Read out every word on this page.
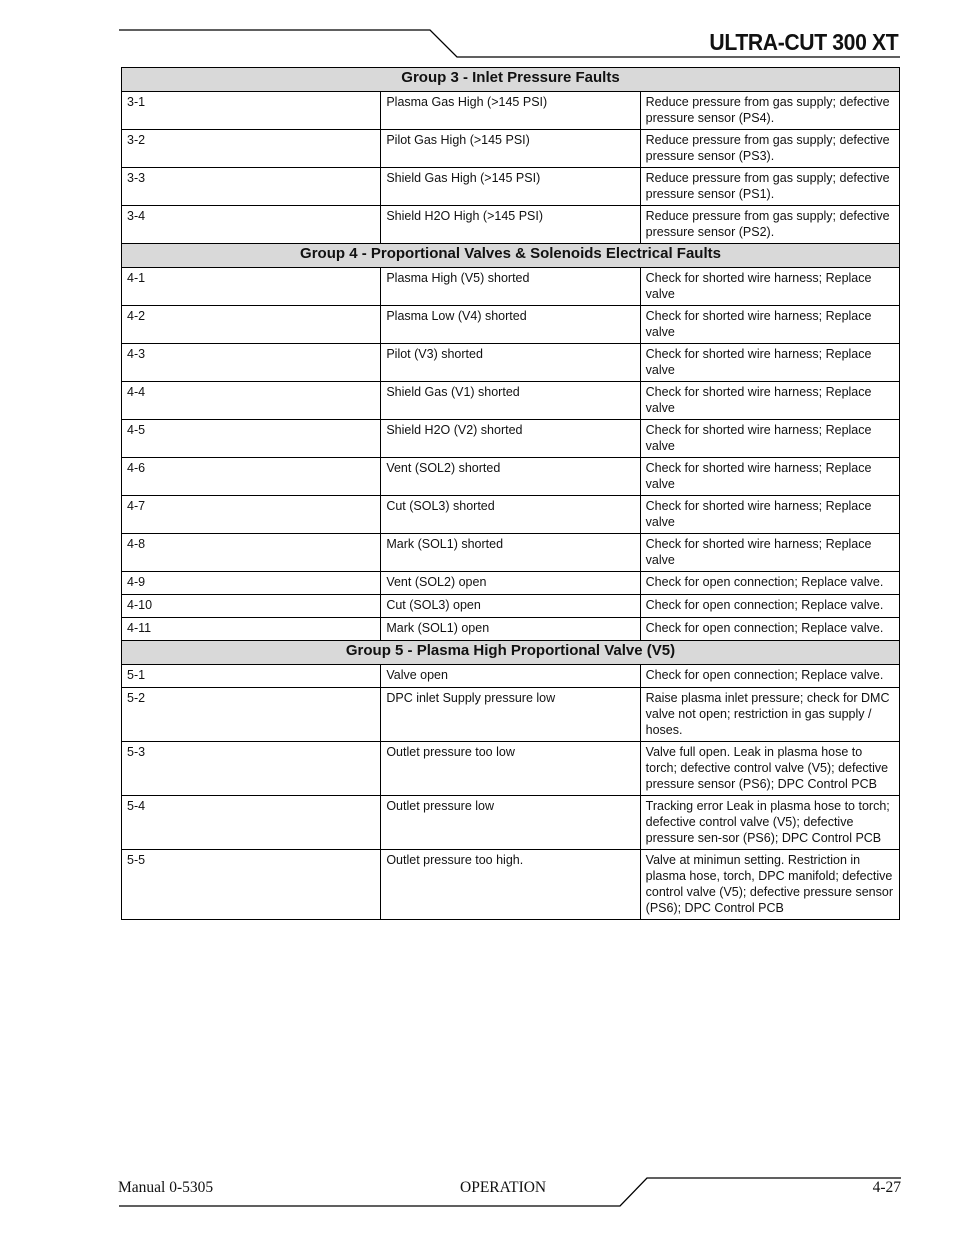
ULTRA-CUT 300 XT
Group 3 - Inlet Pressure Faults		
3-1	Plasma Gas High (>145 PSI)	Reduce pressure from gas supply; defective pressure sensor (PS4).
3-2	Pilot Gas High (>145 PSI)	Reduce pressure from gas supply; defective pressure sensor (PS3).
3-3	Shield Gas High (>145 PSI)	Reduce pressure from gas supply; defective pressure sensor (PS1).
3-4	Shield H2O High (>145 PSI)	Reduce pressure from gas supply; defective pressure sensor (PS2).
Group 4 - Proportional Valves & Solenoids Electrical Faults		
4-1	Plasma High (V5) shorted	Check for shorted wire harness; Replace valve
4-2	Plasma Low (V4) shorted	Check for shorted wire harness; Replace valve
4-3	Pilot (V3) shorted	Check for shorted wire harness; Replace valve
4-4	Shield Gas (V1) shorted	Check for shorted wire harness; Replace valve
4-5	Shield H2O (V2) shorted	Check for shorted wire harness; Replace valve
4-6	Vent (SOL2) shorted	Check for shorted wire harness; Replace valve
4-7	Cut (SOL3) shorted	Check for shorted wire harness; Replace valve
4-8	Mark (SOL1) shorted	Check for shorted wire harness; Replace valve
4-9	Vent (SOL2) open	Check for open connection; Replace valve.
4-10	Cut (SOL3) open	Check for open connection; Replace valve.
4-11	Mark (SOL1) open	Check for open connection; Replace valve.
Group 5 - Plasma High Proportional Valve (V5)		
5-1	Valve open	Check for open connection; Replace valve.
5-2	DPC inlet Supply pressure low	Raise plasma inlet pressure; check for DMC valve not open; restriction in gas supply / hoses.
5-3	Outlet pressure too low	Valve full open. Leak in plasma hose to torch; defective control valve (V5); defective pressure sensor (PS6); DPC Control PCB
5-4	Outlet pressure low	Tracking error Leak in plasma hose to torch; defective control valve (V5); defective pressure sen-sor (PS6); DPC Control PCB
5-5	Outlet pressure too high.	Valve at minimun setting. Restriction in plasma hose, torch, DPC manifold; defective control valve (V5); defective pressure sensor (PS6); DPC Control PCB
Manual 0-5305	OPERATION	4-27
